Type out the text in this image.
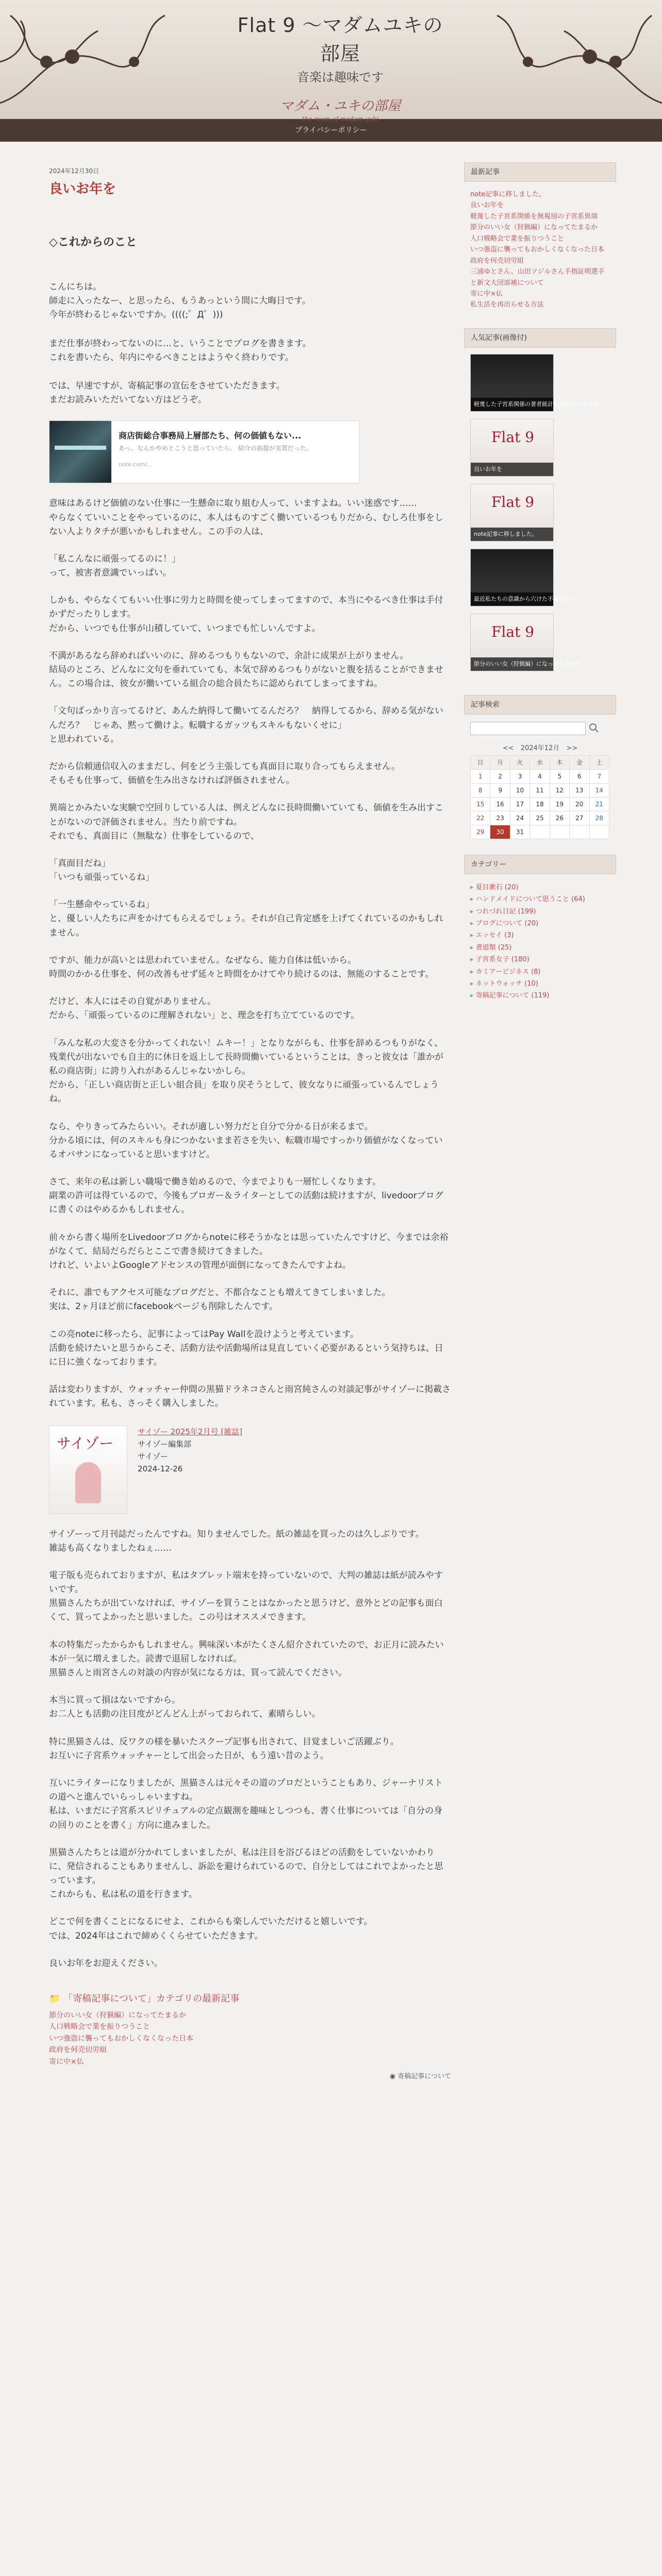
Flat 9 〜マダムユキの部屋
音楽は趣味です
マダム・ユキの部屋
the room of madam yuki
プライバシーポリシー
2024年12月30日
良いお年を
◇これからのこと

こんにちは。

師走に入ったなー、と思ったら、もうあっという間に大晦日です。

今年が終わるじゃないですか。((((;゜Д゜)))

まだ仕事が終わってないのに…と、いうことでブログを書きます。

これを書いたら、年内にやるべきことはようやく終わりです。

では、早速ですが、寄稿記事の宣伝をさせていただきます。

まだお読みいただいてない方はどうぞ。

商店街総合事務局上層部たち、何の価値もない...
あっ、なんかやめとこうと思っていたら。 紹介の前提が実質だった。
note.com/...

意味はあるけど価値のない仕事に一生懸命に取り組む人って、いますよね。いい迷惑です……

やらなくていいことをやっているのに、本人はものすごく働いているつもりだから、むしろ仕事をしない人よりタチが悪いかもしれません。この手の人は、

「私こんなに頑張ってるのに！」

って、被害者意識でいっぱい。

しかも、やらなくてもいい仕事に労力と時間を使ってしまってますので、本当にやるべき仕事は手付かずだったりします。

だから、いつでも仕事が山積していて、いつまでも忙しいんですよ。

不満があるなら辞めればいいのに、辞めるつもりもないので、余計に成果が上がりません。

結局のところ、どんなに文句を垂れていても、本気で辞めるつもりがないと腹を括ることができません。この場合は、彼女が働いている組合の総合員たちに認められてしまってますね。

「文句ばっかり言ってるけど、あんた納得して働いてるんだろ？　納得してるから、辞める気がないんだろ？　じゃあ、黙って働けよ。転職するガッツもスキルもないくせに」

と思われている。

だから信頼通信収入のままだし、何をどう主張しても真面目に取り合ってもらえません。

そもそも仕事って、価値を生み出さなければ評価されません。

異端とかみたいな実験で空回りしている人は、例えどんなに長時間働いていても、価値を生み出すことがないので評価されません。当たり前ですね。

それでも、真面目に（無駄な）仕事をしているので、

「真面目だね」

「いつも頑張っているね」

「一生懸命やっているね」

と、優しい人たちに声をかけてもらえるでしょう。それが自己肯定感を上げてくれているのかもしれません。

ですが、能力が高いとは思われていません。なぜなら、能力自体は低いから。

時間のかかる仕事を、何の改善もせず延々と時間をかけてやり続けるのは、無能のすることです。

だけど、本人にはその自覚がありません。

だから、「頑張っているのに理解されない」と、理念を打ち立てているのです。

「みんな私の大変さを分かってくれない！ムキー！」となりながらも、仕事を辞めるつもりがなく、残業代が出ないでも自主的に休日を返上して長時間働いているということは、きっと彼女は「誰かが私の商店街」に誇り入れがあるんじゃないかしら。

だから、「正しい商店街と正しい組合員」を取り戻そうとして、彼女なりに頑張っているんでしょうね。

なら、やりきってみたらいい。それが適しい努力だと自分で分かる日が来るまで。

分かる頃には、何のスキルも身につかないまま若さを失い、転職市場ですっかり価値がなくなっているオバサンになっていると思いますけど。

さて、来年の私は新しい職場で働き始めるので、今までよりも一層忙しくなります。

副業の許可は得ているので、今後もブロガー＆ライターとしての活動は続けますが、livedoorブログに書くのはやめるかもしれません。

前々から書く場所をLivedoorブログからnoteに移そうかなとは思っていたんですけど、今までは余裕がなくて、結局だらだらとここで書き続けてきました。

けれど、いよいよGoogleアドセンスの管理が面倒になってきたんですよね。

それに、誰でもアクセス可能なブログだと、不都合なことも増えてきてしまいました。

実は、2ヶ月ほど前にfacebookページも削除したんです。

この亮noteに移ったら、記事によってはPay Wallを設けようと考えています。

活動を続けたいと思うからこそ、活動方法や活動場所は見直していく必要があるという気持ちは、日に日に強くなっております。

話は変わりますが、ウォッチャー仲間の黒猫ドラネコさんと雨宮純さんの対談記事がサイゾーに掲載されています。私も、さっそく購入しました。

サイゾー
サイゾー 2025年2月号 [雑誌]
サイゾー編集部
サイゾー
2024-12-26

サイゾーって月刊誌だったんですね。知りませんでした。紙の雑誌を買ったのは久しぶりです。

雑誌も高くなりましたねぇ……

電子版も売られておりますが、私はタブレット端末を持っていないので、大判の雑誌は紙が読みやすいです。

黒猫さんたちが出ていなければ、サイゾーを買うことはなかったと思うけど、意外とどの記事も面白くて、買ってよかったと思いました。この号はオススメできます。

本の特集だったからかもしれません。興味深い本がたくさん紹介されていたので、お正月に読みたい本が一気に増えました。読書で退屈しなければ。

黒猫さんと雨宮さんの対談の内容が気になる方は、買って読んでください。

本当に買って損はないですから。

お二人とも活動の注目度がどんどん上がっておられて、素晴らしい。

特に黒猫さんは、反ワクの様を暴いたスクープ記事も出されて、目覚ましいご活躍ぶり。

お互いに子宮系ウォッチャーとして出会った日が、もう遠い昔のよう。

互いにライターになりましたが、黒猫さんは元々その道のプロだということもあり、ジャーナリストの道へと進んでいらっしゃいますね。

私は、いまだに子宮系スピリチュアルの定点観測を趣味としつつも、書く仕事については「自分の身の回りのことを書く」方向に進みました。

黒猫さんたちとは道が分かれてしまいましたが、私は注目を浴びるほどの活動をしていないかわりに、発信されることもありませんし、訴訟を避けられているので、自分としてはこれでよかったと思っています。

これからも、私は私の道を行きます。

どこで何を書くことになるにせよ、これからも楽しんでいただけると嬉しいです。

では、2024年はこれで締めくくらせていただきます。

良いお年をお迎えください。

📁 「寄稿記事について」カテゴリの最新記事
節分のいい女（狩猟編）になってたまるか
人口戦略会で業を振りつうこと
いつ強盗に襲ってもおかしくなくなった日本
政府を何売切労組
寄に中×仏
◉ 寄稿記事について
最新記事
note記事に移しました。
良いお年を
軽蔑した子宮系関係を無視別の子宮系異端
節分のいい女（狩猟編）になってたまるか
人口戦略会で業を振りつうこと
いつ強盗に襲ってもおかしくなくなった日本
政府を何売切労組
三浦ゆとさん、山田ソジルさん手指証明選手と新文大団部補について
寄に中×仏
私生活を再出らせる方法
人気記事(画像付)
軽蔑した子宮系関係の著者統計を無視別の子宮系
Flat 9
良いお年を
Flat 9
note記事に移しました。
最近私たちの意識から穴けた不利を引い
Flat 9
節分のいい女（狩猟編）になってたまるか
記事検索

<<　2024年12月　>>
日	月	火	水	木	金	土
1	2	3	4	5	6	7
8	9	10	11	12	13	14
15	16	17	18	19	20	21
22	23	24	25	26	27	28
29	30	31				
カテゴリー
▸ 夏目漱石 (20)
▸ ハンドメイドについて思うこと (64)
▸ つれづれ日記 (199)
▸ ブログについて (20)
▸ エッセイ (3)
▸ 書道類 (25)
▸ 子宮系女子 (180)
▸ カミアービジネス (8)
▸ ネットウォッチ (10)
▸ 寄稿記事について (119)
